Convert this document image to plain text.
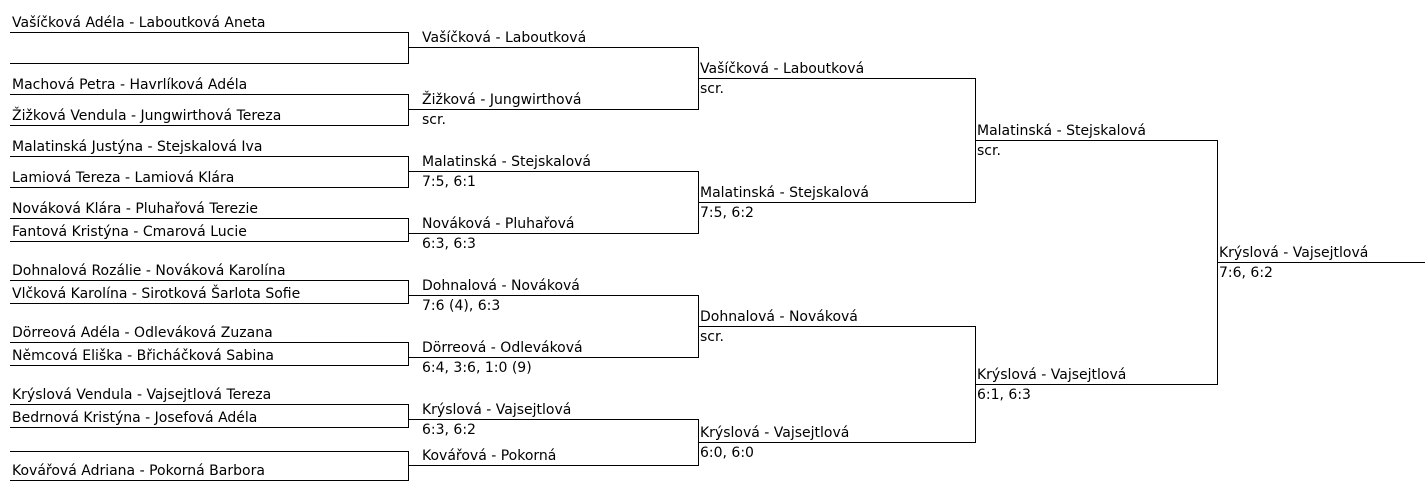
Vašíčková Adéla - Laboutková Aneta
Machová Petra - Havrlíková Adéla
Žižková Vendula - Jungwirthová Tereza
Malatinská Justýna - Stejskalová Iva
Lamiová Tereza - Lamiová Klára
Nováková Klára - Pluhařová Terezie
Fantová Kristýna - Cmarová Lucie
Dohnalová Rozálie - Nováková Karolína
Vlčková Karolína - Sirotková Šarlota Sofie
Dörreová Adéla - Odleváková Zuzana
Němcová Eliška - Břicháčková Sabina
Krýslová Vendula - Vajsejtlová Tereza
Bedrnová Kristýna - Josefová Adéla
Kovářová Adriana - Pokorná Barbora
Vašíčková - Laboutková
Žižková - Jungwirthová
scr.
Malatinská - Stejskalová
7:5, 6:1
Nováková - Pluhařová
6:3, 6:3
Dohnalová - Nováková
7:6 (4), 6:3
Dörreová - Odleváková
6:4, 3:6, 1:0 (9)
Krýslová - Vajsejtlová
6:3, 6:2
Kovářová - Pokorná
Vašíčková - Laboutková
scr.
Malatinská - Stejskalová
7:5, 6:2
Dohnalová - Nováková
scr.
Krýslová - Vajsejtlová
6:0, 6:0
Malatinská - Stejskalová
scr.
Krýslová - Vajsejtlová
6:1, 6:3
Krýslová - Vajsejtlová
7:6, 6:2
